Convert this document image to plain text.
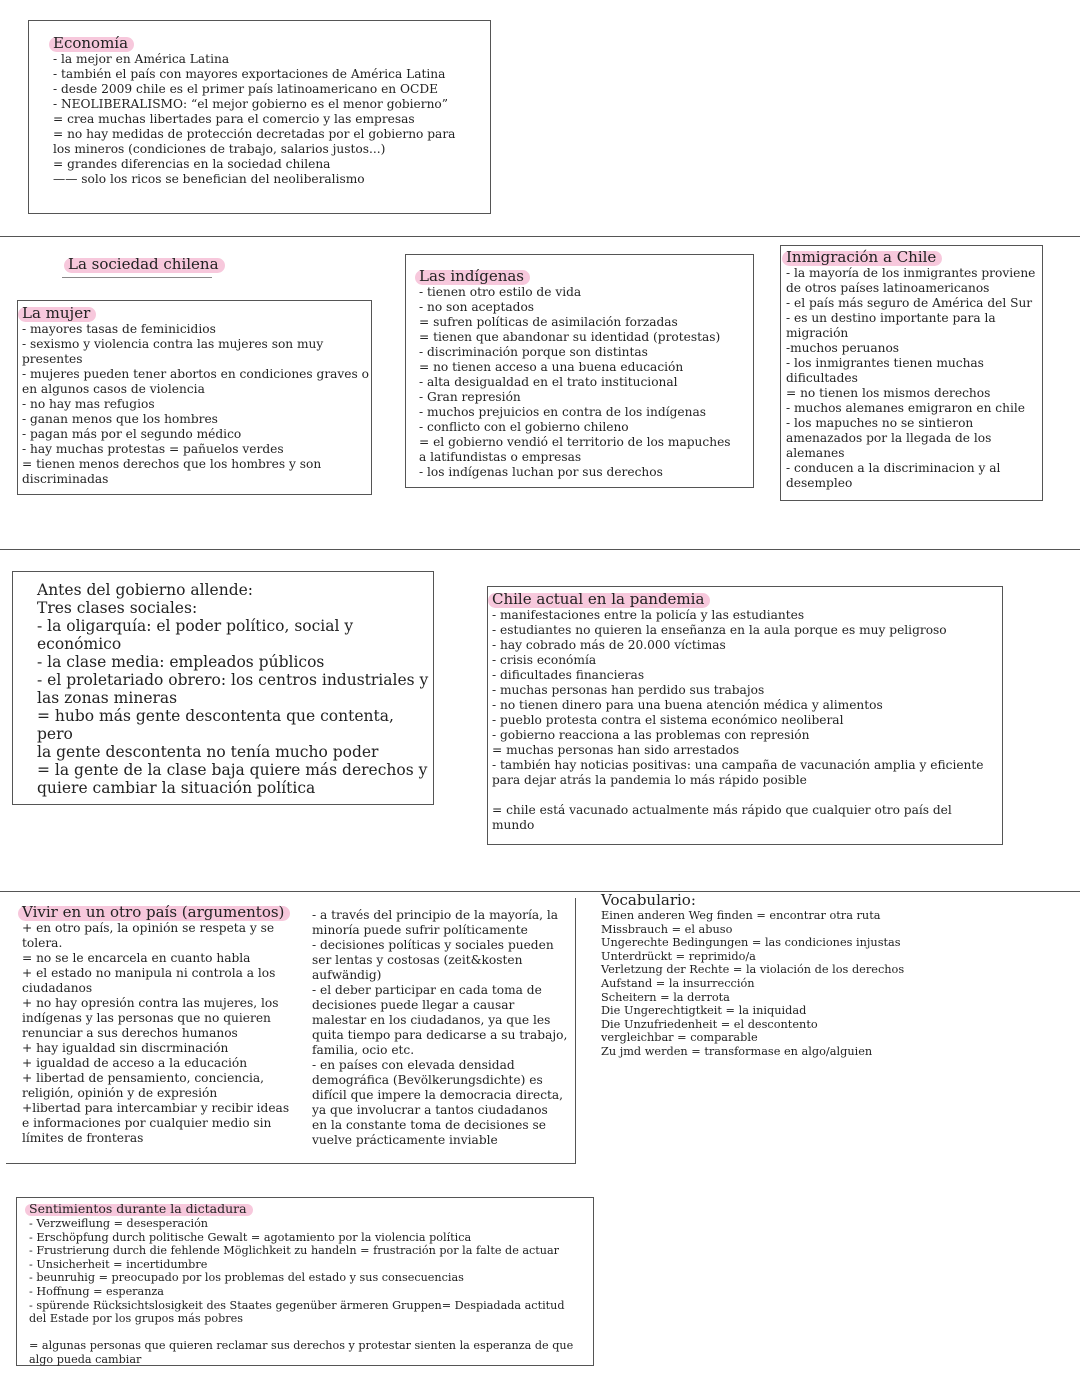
Economía
- la mejor en América Latina
- también el país con mayores exportaciones de América Latina
- desde 2009 chile es el primer país latinoamericano en OCDE
- NEOLIBERALISMO: “el mejor gobierno es el menor gobierno”
= crea muchas libertades para el comercio y las empresas
= no hay medidas de protección decretadas por el gobierno para
los mineros (condiciones de trabajo, salarios justos...)
= grandes diferencias en la sociedad chilena
—— solo los ricos se benefician del neoliberalismo
La sociedad chilena
La mujer
- mayores tasas de feminicidios
- sexismo y violencia contra las mujeres son muy
presentes
- mujeres pueden tener abortos en condiciones graves o
en algunos casos de violencia
- no hay mas refugios
- ganan menos que los hombres
- pagan más por el segundo médico
- hay muchas protestas = pañuelos verdes
= tienen menos derechos que los hombres y son
discriminadas
Las indígenas
- tienen otro estilo de vida
- no son aceptados
= sufren políticas de asimilación forzadas
= tienen que abandonar su identidad (protestas)
- discriminación porque son distintas
= no tienen acceso a una buena educación
- alta desigualdad en el trato institucional
- Gran represión
- muchos prejuicios en contra de los indígenas
- conflicto con el gobierno chileno
= el gobierno vendió el territorio de los mapuches
a latifundistas o empresas
- los indígenas luchan por sus derechos
Inmigración a Chile
- la mayoría de los inmigrantes proviene
de otros países latinoamericanos
- el país más seguro de América del Sur
- es un destino importante para la
migración
-muchos peruanos
- los inmigrantes tienen muchas
dificultades
= no tienen los mismos derechos
- muchos alemanes emigraron en chile
- los mapuches no se sintieron
amenazados por la llegada de los
alemanes
- conducen a la discriminacion y al
desempleo
Antes del gobierno allende:
Tres clases sociales:
- la oligarquía: el poder político, social y
económico
- la clase media: empleados públicos
- el proletariado obrero: los centros industriales y
las zonas mineras
= hubo más gente descontenta que contenta, pero
la gente descontenta no tenía mucho poder
= la gente de la clase baja quiere más derechos y
quiere cambiar la situación política
Chile actual en la pandemia
- manifestaciones entre la policía y las estudiantes
- estudiantes no quieren la enseñanza en la aula porque es muy peligroso
- hay cobrado más de 20.000 víctimas
- crisis económía
- dificultades financieras
- muchas personas han perdido sus trabajos
- no tienen dinero para una buena atención médica y alimentos
- pueblo protesta contra el sistema económico neoliberal
- gobierno reacciona a las problemas con represión
= muchas personas han sido arrestados
- también hay noticias positivas: una campaña de vacunación amplia y eficiente
para dejar atrás la pandemia lo más rápido posible

= chile está vacunado actualmente más rápido que cualquier otro país del
mundo
Vivir en un otro país (argumentos)
+ en otro país, la opinión se respeta y se
tolera.
= no se le encarcela en cuanto habla
+ el estado no manipula ni controla a los
ciudadanos
+ no hay opresión contra las mujeres, los
indígenas y las personas que no quieren
renunciar a sus derechos humanos
+ hay igualdad sin discrminación
+ igualdad de acceso a la educación
+ libertad de pensamiento, conciencia,
religión, opinión y de expresión
+libertad para intercambiar y recibir ideas
e informaciones por cualquier medio sin
límites de fronteras
- a través del principio de la mayoría, la
minoría puede sufrir políticamente
- decisiones políticas y sociales pueden
ser lentas y costosas (zeit&kosten
aufwändig)
- el deber participar en cada toma de
decisiones puede llegar a causar
malestar en los ciudadanos, ya que les
quita tiempo para dedicarse a su trabajo,
familia, ocio etc.
- en países con elevada densidad
demográfica (Bevölkerungsdichte) es
difícil que impere la democracia directa,
ya que involucrar a tantos ciudadanos
en la constante toma de decisiones se
vuelve prácticamente inviable
Vocabulario:
Einen anderen Weg finden = encontrar otra ruta
Missbrauch = el abuso
Ungerechte Bedingungen = las condiciones injustas
Unterdrückt = reprimido/a
Verletzung der Rechte = la violación de los derechos
Aufstand = la insurrección
Scheitern = la derrota
Die Ungerechtigtkeit = la iniquidad
Die Unzufriedenheit = el descontento
vergleichbar = comparable
Zu jmd werden = transformase en algo/alguien
Sentimientos durante la dictadura
- Verzweiflung = desesperación
- Erschöpfung durch politische Gewalt = agotamiento por la violencia política
- Frustrierung durch die fehlende Möglichkeit zu handeln = frustración por la falte de actuar
- Unsicherheit = incertidumbre
- beunruhig = preocupado por los problemas del estado y sus consecuencias
- Hoffnung = esperanza
- spürende Rücksichtslosigkeit des Staates gegenüber ärmeren Gruppen= Despiadada actitud
del Estade por los grupos más pobres

= algunas personas que quieren reclamar sus derechos y protestar sienten la esperanza de que
algo pueda cambiar
